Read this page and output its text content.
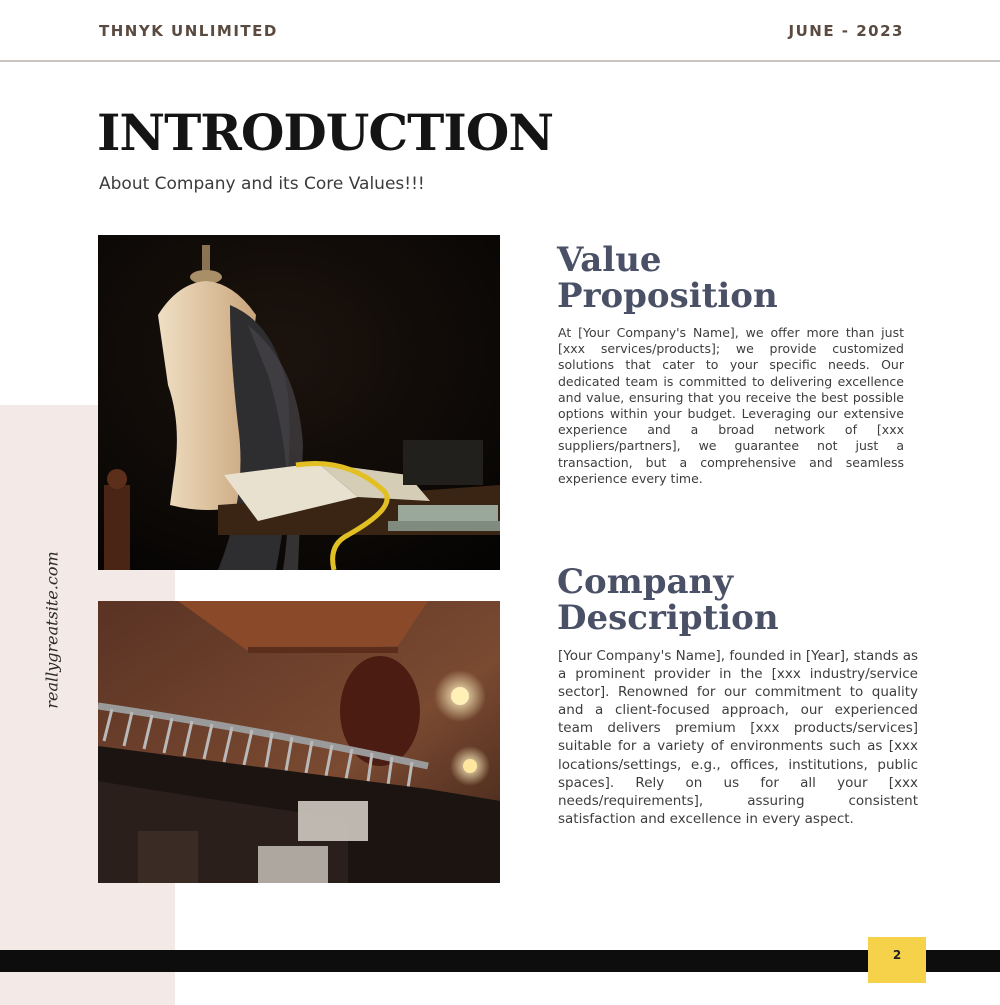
THNYK UNLIMITED	JUNE - 2023
INTRODUCTION
About Company and its Core Values!!!
reallygreatsite.com
Value
Proposition

At [Your Company's Name], we offer more than just [xxx services/products]; we provide customized solutions that cater to your specific needs. Our dedicated team is committed to delivering excellence and value, ensuring that you receive the best possible options within your budget. Leveraging our extensive experience and a broad network of [xxx suppliers/partners], we guarantee not just a transaction, but a comprehensive and seamless experience every time.

Company
Description

[Your Company's Name], founded in [Year], stands as a prominent provider in the [xxx industry/service sector]. Renowned for our commitment to quality and a client-focused approach, our experienced team delivers premium [xxx products/services] suitable for a variety of environments such as [xxx locations/settings, e.g., offices, institutions, public spaces]. Rely on us for all your [xxx needs/requirements], assuring consistent satisfaction and excellence in every aspect.

2
